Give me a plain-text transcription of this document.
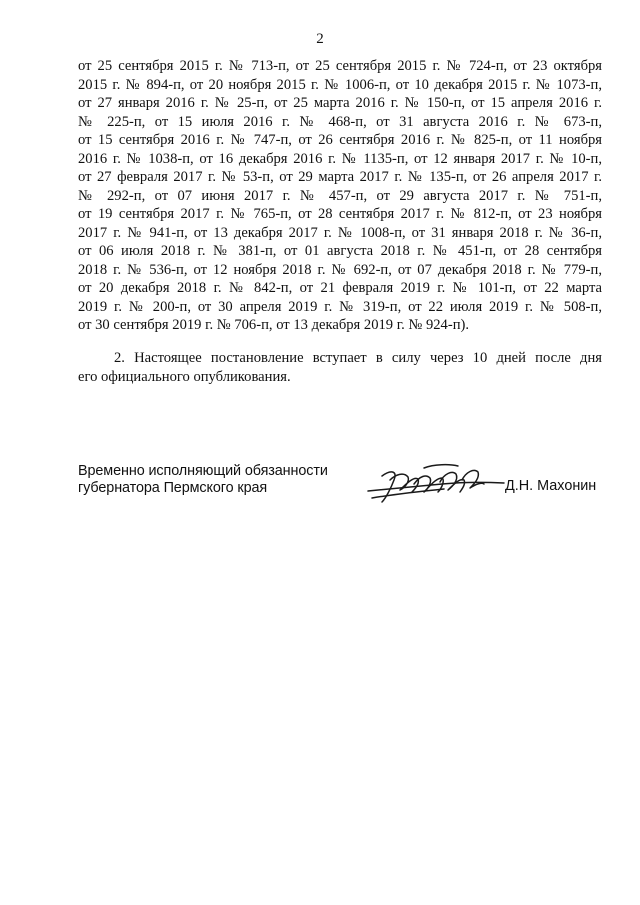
2
от 25 сентября 2015 г. № 713-п, от 25 сентября 2015 г. № 724-п, от 23 октября
2015 г. № 894-п, от 20 ноября 2015 г. № 1006-п, от 10 декабря 2015 г. № 1073-п,
от 27 января 2016 г. № 25-п, от 25 марта 2016 г. № 150-п, от 15 апреля 2016 г.
№ 225-п, от 15 июля 2016 г. № 468-п, от 31 августа 2016 г. № 673-п,
от 15 сентября 2016 г. № 747-п, от 26 сентября 2016 г. № 825-п, от 11 ноября
2016 г. № 1038-п, от 16 декабря 2016 г. № 1135-п, от 12 января 2017 г. № 10-п,
от 27 февраля 2017 г. № 53-п, от 29 марта 2017 г. № 135-п, от 26 апреля 2017 г.
№ 292-п, от 07 июня 2017 г. № 457-п, от 29 августа 2017 г. № 751-п,
от 19 сентября 2017 г. № 765-п, от 28 сентября 2017 г. № 812-п, от 23 ноября
2017 г. № 941-п, от 13 декабря 2017 г. № 1008-п, от 31 января 2018 г. № 36-п,
от 06 июля 2018 г. № 381-п, от 01 августа 2018 г. № 451-п, от 28 сентября
2018 г. № 536-п, от 12 ноября 2018 г. № 692-п, от 07 декабря 2018 г. № 779-п,
от 20 декабря 2018 г. № 842-п, от 21 февраля 2019 г. № 101-п, от 22 марта
2019 г. № 200-п, от 30 апреля 2019 г. № 319-п, от 22 июля 2019 г. № 508-п,
от 30 сентября 2019 г. № 706-п, от 13 декабря 2019 г. № 924-п).
2. Настоящее постановление вступает в силу через 10 дней после дня
его официального опубликования.
Временно исполняющий обязанности
губернатора Пермского края	Д.Н. Махонин
